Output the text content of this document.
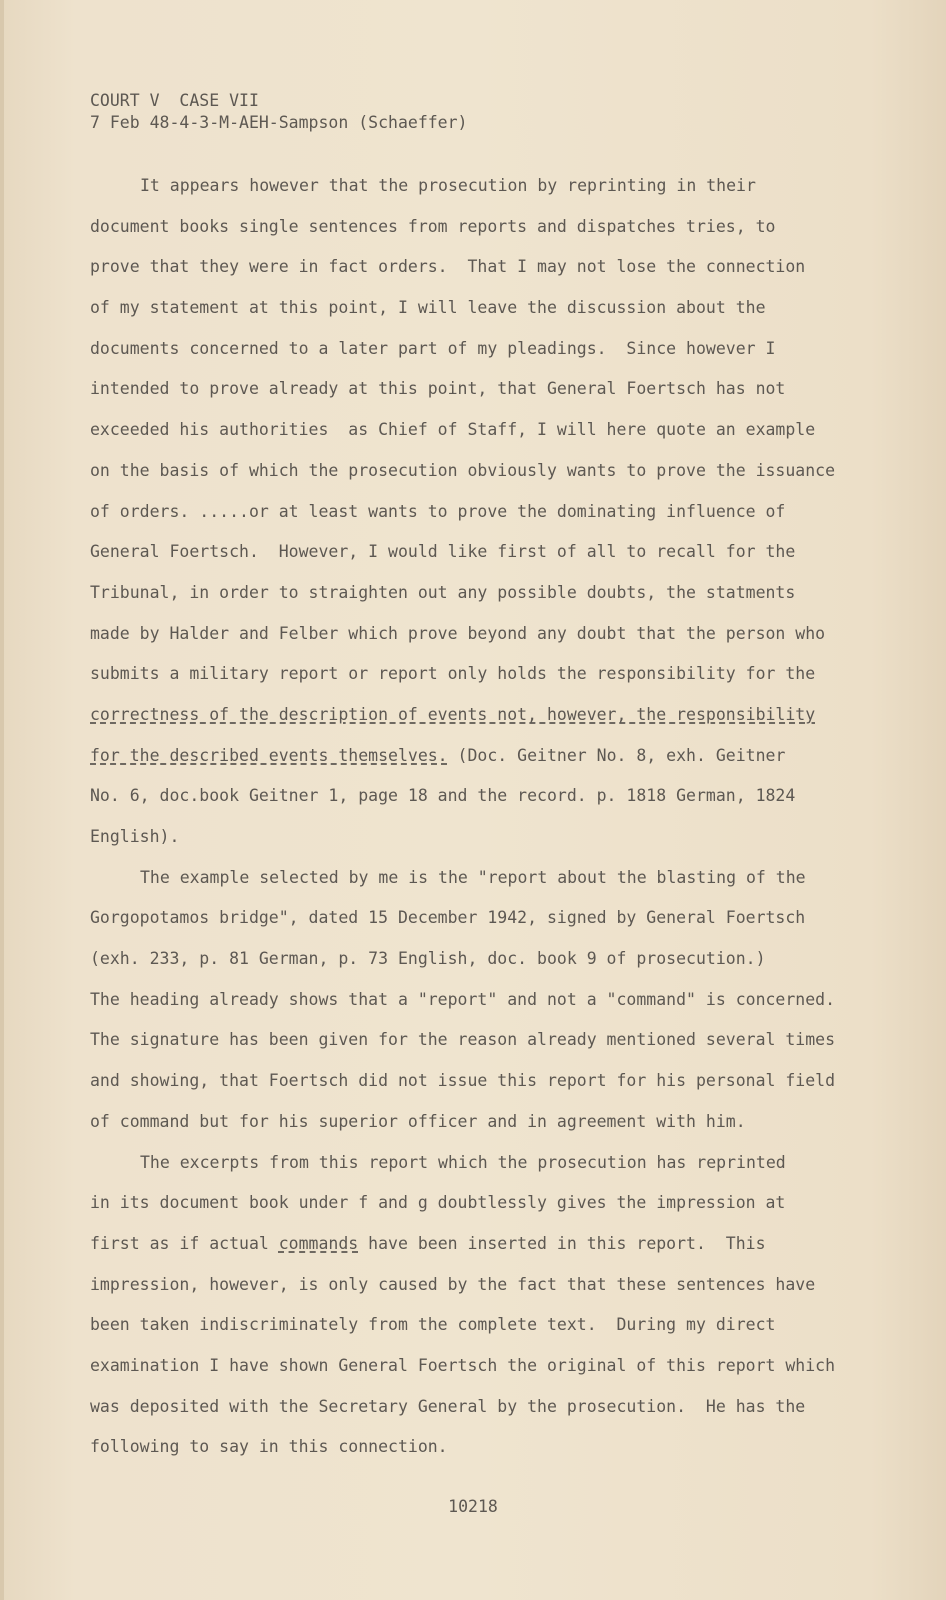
COURT V  CASE VII
7 Feb 48-4-3-M-AEH-Sampson (Schaeffer)
It appears however that the prosecution by reprinting in their
document books single sentences from reports and dispatches tries, to
prove that they were in fact orders.  That I may not lose the connection
of my statement at this point, I will leave the discussion about the
documents concerned to a later part of my pleadings.  Since however I
intended to prove already at this point, that General Foertsch has not
exceeded his authorities  as Chief of Staff, I will here quote an example
on the basis of which the prosecution obviously wants to prove the issuance
of orders. .....or at least wants to prove the dominating influence of
General Foertsch.  However, I would like first of all to recall for the
Tribunal, in order to straighten out any possible doubts, the statments
made by Halder and Felber which prove beyond any doubt that the person who
submits a military report or report only holds the responsibility for the
correctness of the description of events not, however, the responsibility
for the described events themselves. (Doc. Geitner No. 8, exh. Geitner
No. 6, doc.book Geitner 1, page 18 and the record. p. 1818 German, 1824
English).
The example selected by me is the "report about the blasting of the
Gorgopotamos bridge", dated 15 December 1942, signed by General Foertsch
(exh. 233, p. 81 German, p. 73 English, doc. book 9 of prosecution.)
The heading already shows that a "report" and not a "command" is concerned.
The signature has been given for the reason already mentioned several times
and showing, that Foertsch did not issue this report for his personal field
of command but for his superior officer and in agreement with him.
The excerpts from this report which the prosecution has reprinted
in its document book under f and g doubtlessly gives the impression at
first as if actual commands have been inserted in this report.  This
impression, however, is only caused by the fact that these sentences have
been taken indiscriminately from the complete text.  During my direct
examination I have shown General Foertsch the original of this report which
was deposited with the Secretary General by the prosecution.  He has the
following to say in this connection.
10218
